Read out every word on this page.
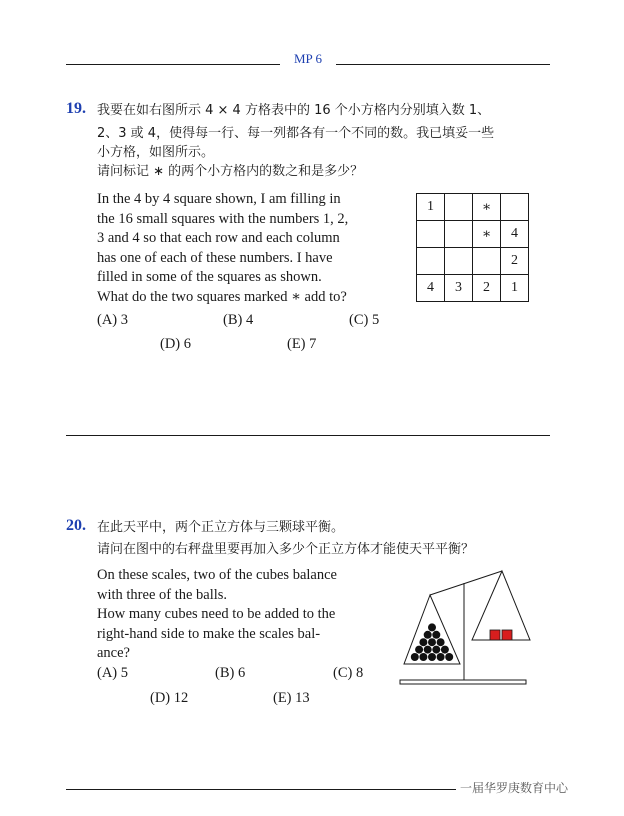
MP 6
19. 我要在如右图所示 4 × 4 方格表中的 16 个小方格内分别填入数 1、
2、3 或 4，使得每一行、每一列都各有一个不同的数。我已填妥一些
小方格，如图所示。
请问标记 ∗ 的两个小方格内的数之和是多少？
In the 4 by 4 square shown, I am filling in
the 16 small squares with the numbers 1, 2,
3 and 4 so that each row and each column
has one of each of these numbers. I have
filled in some of the squares as shown.
What do the two squares marked ∗ add to?
(A) 3	(B) 4	(C) 5
(D) 6	(E) 7
1		∗	
		∗	4
			2
4	3	2	1
20. 在此天平中，两个正立方体与三颗球平衡。
请问在图中的右秤盘里要再加入多少个正立方体才能使天平平衡？
On these scales, two of the cubes balance
with three of the balls.
How many cubes need to be added to the
right-hand side to make the scales bal-
ance?
(A) 5	(B) 6	(C) 8
(D) 12	(E) 13
一届华罗庚数育中心
